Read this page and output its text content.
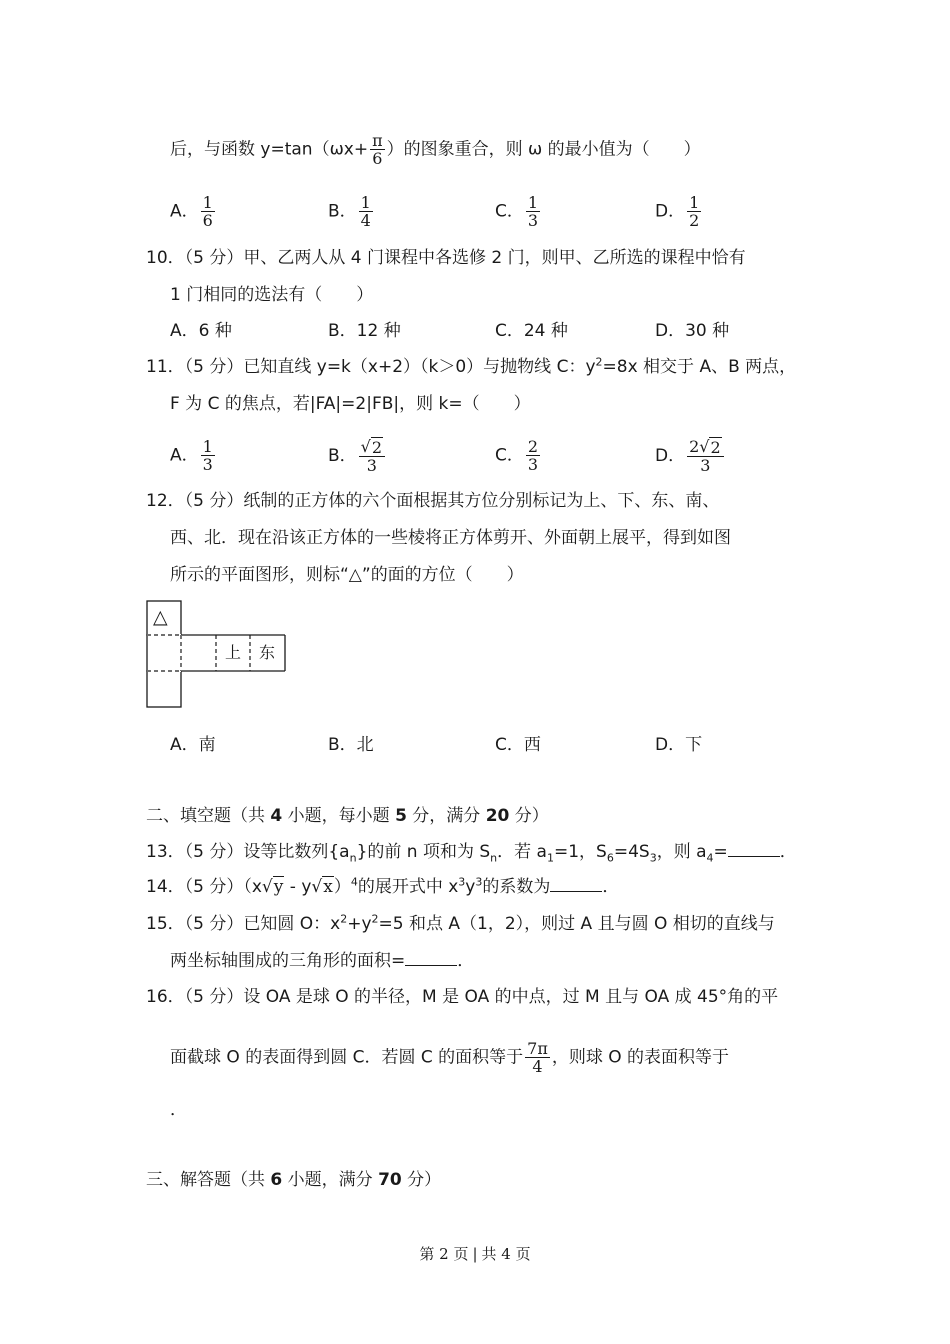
后，与函数 $y=\tan(\omega x+ \frac{\pi}{6}$ ）的图象重合，则 ω 的最小值为（　　）
A． $\frac{1}{6}$	B． $\frac{1}{4}$	C． $\frac{1}{3}$	D． $\frac{1}{2}$
10．（5 分）甲、乙两人从 4 门课程中各选修 2 门，则甲、乙所选的课程中恰有
1 门相同的选法有（　　）
A．6 种	B．12 种	C．24 种	D．30 种
11．（5 分）已知直线 y=k（x+2）（k＞0）与抛物线 C：$y^2=8x$ 相交于 A、B 两点，
F 为 C 的焦点，若|FA|=2|FB|，则 k=（　　）
A． $\frac{1}{3}$	B． $\frac{√2}{3}$	C． $\frac{2}{3}$	D． $\frac{2√2}{3}$
12．（5 分）纸制的正方体的六个面根据其方位分别标记为上、下、东、南、
西、北．现在沿该正方体的一些棱将正方体剪开、外面朝上展平，得到如图
所示的平面图形，则标“△”的面的方位（　　）
△
上 东
A．南	B．北	C．西	D．下
二、填空题（共 4 小题，每小题 5 分，满分 20 分）
13．（5 分）设等比数列$\{a_n\}$的前 n 项和为 $S_n$．若 $a_1=1$，$S_6=4S_3$，则 $a_4=$	．
14．（5 分）（x√y - y√x）$^4$的展开式中 $x^3y^3$的系数为	．
15．（5 分）已知圆 O：$x^2+y^2=5$ 和点 A（1，2），则过 A 且与圆 O 相切的直线与
两坐标轴围成的三角形的面积=	．
16．（5 分）设 OA 是球 O 的半径，M 是 OA 的中点，过 M 且与 OA 成 45°角的平
面截球 O 的表面得到圆 C．若圆 C 的面积等于 $\frac{7\pi}{4}$ ，则球 O 的表面积等于
．
三、解答题（共 6 小题，满分 70 分）
第 2 页 | 共 4 页
